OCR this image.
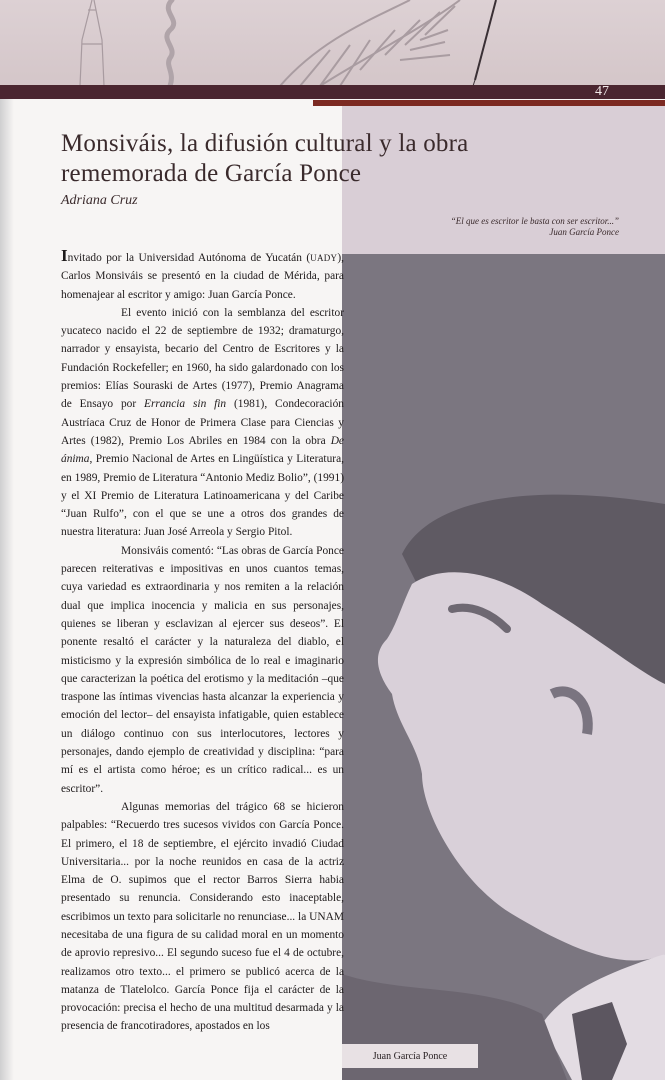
47
Juan García Ponce
Monsiváis, la difusión cultural y la obra rememorada de García Ponce
Adriana Cruz
“El que es escritor le basta con ser escritor...”
Juan García Ponce

Invitado por la Universidad Autónoma de Yucatán (UADY), Carlos Monsiváis se presentó en la ciudad de Mérida, para homenajear al escritor y amigo: Juan García Ponce.

El evento inició con la semblanza del escritor yucateco nacido el 22 de septiembre de 1932; dramaturgo, narrador y ensayista, becario del Centro de Escritores y la Fundación Rockefeller; en 1960, ha sido galardonado con los premios: Elías Souraski de Artes (1977), Premio Anagrama de Ensayo por Errancia sin fin (1981), Condecoración Austríaca Cruz de Honor de Primera Clase para Ciencias y Artes (1982), Premio Los Abriles en 1984 con la obra De ánima, Premio Nacional de Artes en Lingüística y Literatura, en 1989, Premio de Literatura “Antonio Mediz Bolio”, (1991) y el XI Premio de Literatura Latinoamericana y del Caribe “Juan Rulfo”, con el que se une a otros dos grandes de nuestra literatura: Juan José Arreola y Sergio Pitol.

Monsiváis comentó: “Las obras de García Ponce parecen reiterativas e impositivas en unos cuantos temas, cuya variedad es extraordinaria y nos remiten a la relación dual que implica inocencia y malicia en sus personajes, quienes se liberan y esclavizan al ejercer sus deseos”. El ponente resaltó el carácter y la naturaleza del diablo, el misticismo y la expresión simbólica de lo real e imaginario que caracterizan la poética del erotismo y la meditación –que traspone las íntimas vivencias hasta alcanzar la experiencia y emoción del lector– del ensayista infatigable, quien establece un diálogo continuo con sus interlocutores, lectores y personajes, dando ejemplo de creatividad y disciplina: “para mí es el artista como héroe; es un crítico radical... es un escritor”.

Algunas memorias del trágico 68 se hicieron palpables: “Recuerdo tres sucesos vividos con García Ponce. El primero, el 18 de septiembre, el ejército invadió Ciudad Universitaria... por la noche reunidos en casa de la actriz Elma de O. supimos que el rector Barros Sierra habia presentado su renuncia. Considerando esto inaceptable, escribimos un texto para solicitarle no renunciase... la UNAM necesitaba de una figura de su calidad moral en un momento de aprovio represivo... El segundo suceso fue el 4 de octubre, realizamos otro texto... el primero se publicó acerca de la matanza de Tlatelolco. García Ponce fija el carácter de la provocación: precisa el hecho de una multitud desarmada y la presencia de francotiradores, apostados en los
